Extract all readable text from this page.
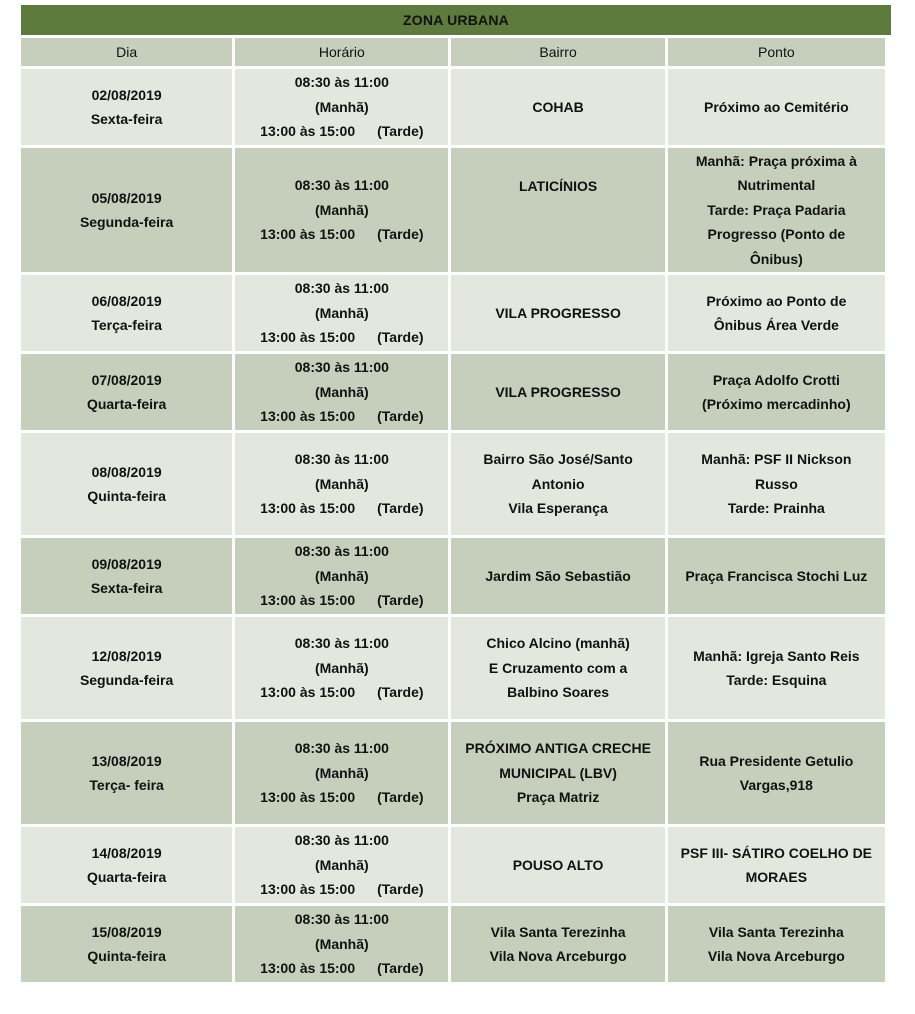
ZONA URBANA
Dia	Horário	Bairro	Ponto

02/08/2019
Sexta-feira	08:30 às 11:00
(Manhã)
13:00 às 15:00 (Tarde)	COHAB	Próximo ao Cemitério

05/08/2019
Segunda-feira	08:30 às 11:00
(Manhã)
13:00 às 15:00 (Tarde)	LATICÍNIOS	Manhã: Praça próxima à
Nutrimental
Tarde: Praça Padaria
Progresso (Ponto de
Ônibus)

06/08/2019
Terça-feira	08:30 às 11:00
(Manhã)
13:00 às 15:00 (Tarde)	VILA PROGRESSO	Próximo ao Ponto de
Ônibus Área Verde

07/08/2019
Quarta-feira	08:30 às 11:00
(Manhã)
13:00 às 15:00 (Tarde)	VILA PROGRESSO	Praça Adolfo Crotti
(Próximo mercadinho)

08/08/2019
Quinta-feira	08:30 às 11:00
(Manhã)
13:00 às 15:00 (Tarde)	Bairro São José/Santo
Antonio
Vila Esperança	Manhã: PSF II Nickson
Russo
Tarde: Prainha

09/08/2019
Sexta-feira	08:30 às 11:00
(Manhã)
13:00 às 15:00 (Tarde)	Jardim São Sebastião	Praça Francisca Stochi Luz

12/08/2019
Segunda-feira	08:30 às 11:00
(Manhã)
13:00 às 15:00 (Tarde)	Chico Alcino (manhã)
E Cruzamento com a
Balbino Soares	Manhã: Igreja Santo Reis
Tarde: Esquina

13/08/2019
Terça- feira	08:30 às 11:00
(Manhã)
13:00 às 15:00 (Tarde)	PRÓXIMO ANTIGA CRECHE
MUNICIPAL (LBV)
Praça Matriz	Rua Presidente Getulio
Vargas,918

14/08/2019
Quarta-feira	08:30 às 11:00
(Manhã)
13:00 às 15:00 (Tarde)	POUSO ALTO	PSF III- SÁTIRO COELHO DE
MORAES

15/08/2019
Quinta-feira	08:30 às 11:00
(Manhã)
13:00 às 15:00 (Tarde)	Vila Santa Terezinha
Vila Nova Arceburgo	Vila Santa Terezinha
Vila Nova Arceburgo
